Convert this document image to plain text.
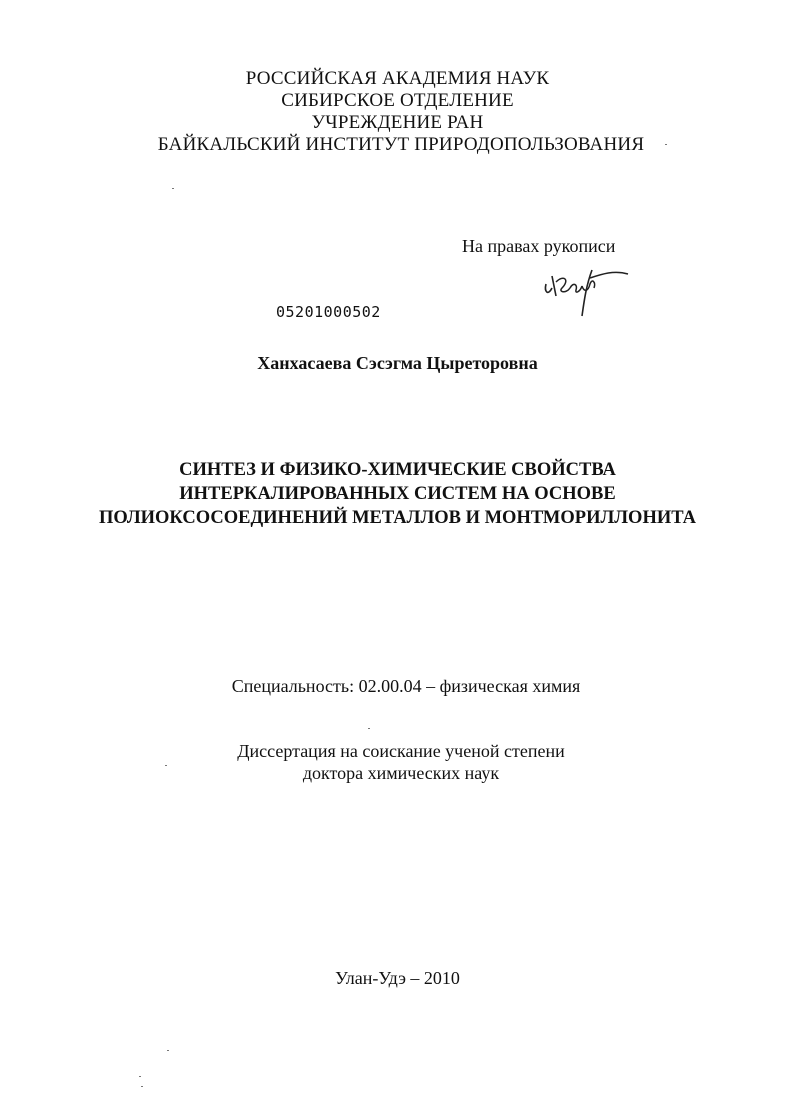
РОССИЙСКАЯ АКАДЕМИЯ НАУК

СИБИРСКОЕ ОТДЕЛЕНИЕ

УЧРЕЖДЕНИЕ РАН

БАЙКАЛЬСКИЙ ИНСТИТУТ ПРИРОДОПОЛЬЗОВАНИЯ

На правах рукописи

05201000502

Ханхасаева Сэсэгма Цыреторовна

СИНТЕЗ И ФИЗИКО-ХИМИЧЕСКИЕ СВОЙСТВА

ИНТЕРКАЛИРОВАННЫХ СИСТЕМ НА ОСНОВЕ

ПОЛИОКСОСОЕДИНЕНИЙ МЕТАЛЛОВ И МОНТМОРИЛЛОНИТА

Специальность: 02.00.04 – физическая химия

Диссертация на соискание ученой степени

доктора химических наук

Улан-Удэ – 2010
